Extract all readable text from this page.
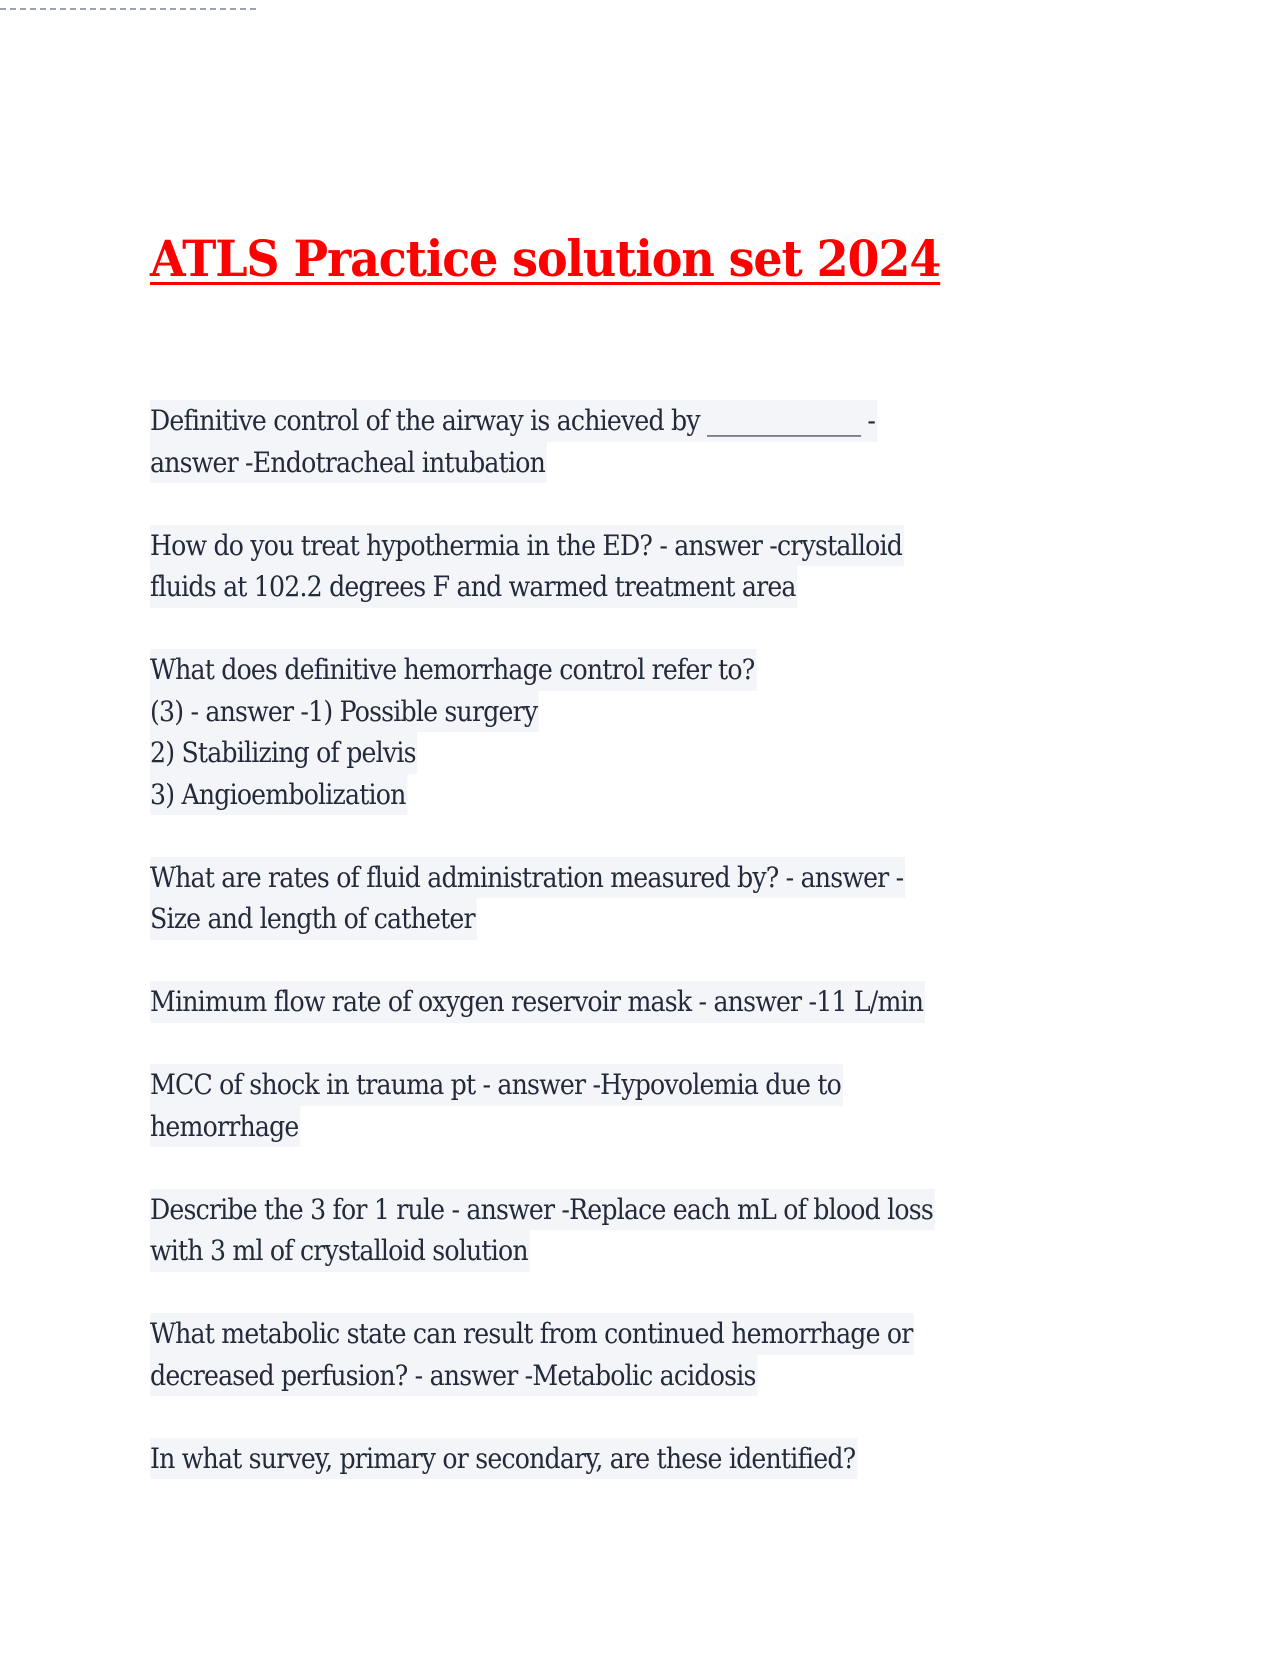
ATLS Practice solution set 2024
Definitive control of the airway is achieved by _____________ -
answer -Endotracheal intubation
How do you treat hypothermia in the ED? - answer -crystalloid
fluids at 102.2 degrees F and warmed treatment area
What does definitive hemorrhage control refer to?
(3) - answer -1) Possible surgery
2) Stabilizing of pelvis
3) Angioembolization
What are rates of fluid administration measured by? - answer -
Size and length of catheter
Minimum flow rate of oxygen reservoir mask - answer -11 L/min
MCC of shock in trauma pt - answer -Hypovolemia due to
hemorrhage
Describe the 3 for 1 rule - answer -Replace each mL of blood loss
with 3 ml of crystalloid solution
What metabolic state can result from continued hemorrhage or
decreased perfusion? - answer -Metabolic acidosis
In what survey, primary or secondary, are these identified?
